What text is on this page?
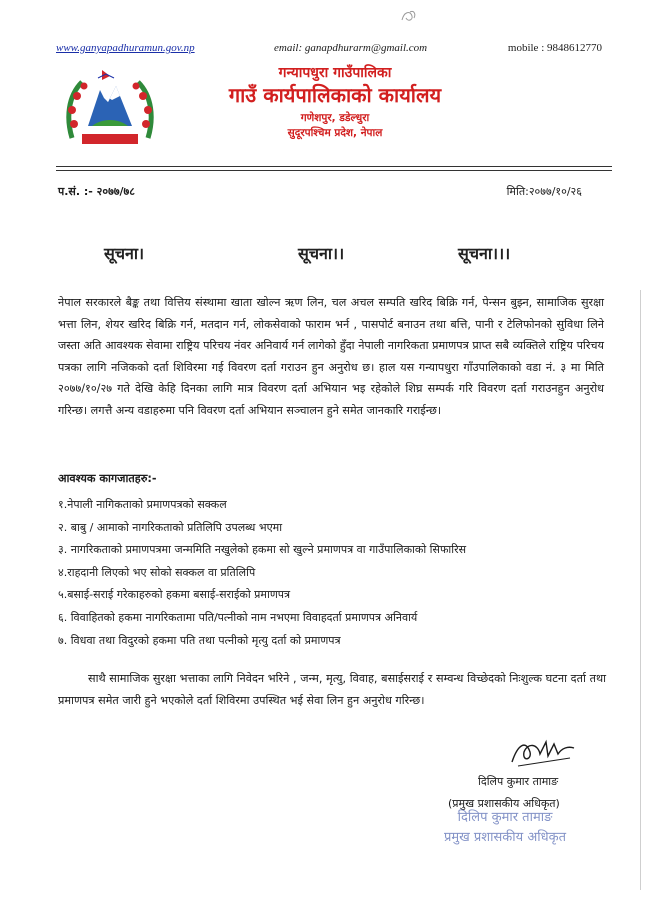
www.ganyapadhuramun.gov.np	email: ganapdhurarm@gmail.com	mobile : 9848612770
गन्यापधुरा गाउँपालिका
गाउँ कार्यपालिकाको कार्यालय
गणेशपुर, डडेल्धुरा
सुदूरपश्चिम प्रदेश, नेपाल
प.सं. :- २०७७/७८	मिति:२०७७/१०/२६
सूचना।	सूचना।।	सूचना।।।
नेपाल सरकारले बैङ्क तथा वित्तिय संस्थामा खाता खोल्न ऋण लिन, चल अचल सम्पति खरिद बिक्रि गर्न, पेन्सन बुझ्न, सामाजिक सुरक्षा भत्ता लिन, शेयर खरिद बिक्रि गर्न, मतदान गर्न, लोकसेवाको फाराम भर्न , पासपोर्ट बनाउन तथा बत्ति, पानी र टेलिफोनको सुविधा लिने जस्ता अति आवश्यक सेवामा राष्ट्रिय परिचय नंवर अनिवार्य गर्न लागेको हुँदा नेपाली नागरिकता प्रमाणपत्र प्राप्त सबै व्यक्तिले राष्ट्रिय परिचय पत्रका लागि नजिकको दर्ता शिविरमा गई विवरण दर्ता गराउन हुन अनुरोध छ। हाल यस गन्यापधुरा गाँउपालिकाको वडा नं. ३ मा मिति २०७७/१०/२७ गते देखि केहि दिनका लागि मात्र विवरण दर्ता अभियान भइ रहेकोले शिघ्र सम्पर्क गरि विवरण दर्ता गराउनहुन अनुरोध गरिन्छ। लगत्तै अन्य वडाहरुमा पनि विवरण दर्ता अभियान सञ्चालन हुने समेत जानकारि गराईन्छ।
आवश्यक कागजातहरु:-
१.नेपाली नागिकताको प्रमाणपत्रको सक्कल
२. बाबु / आमाको नागरिकताको प्रतिलिपि उपलब्ध भएमा
३. नागरिकताको प्रमाणपत्रमा जन्ममिति नखुलेको हकमा सो खुल्ने प्रमाणपत्र वा गाउँपालिकाको सिफारिस
४.राहदानी लिएको भए सोको सक्कल वा प्रतिलिपि
५.बसाई-सराई गरेकाहरुको हकमा बसाई-सराईको प्रमाणपत्र
६. विवाहितको हकमा नागरिकतामा पति/पत्नीको नाम नभएमा विवाहदर्ता प्रमाणपत्र अनिवार्य
७. विधवा तथा विदुरको हकमा पति तथा पत्नीको मृत्यु दर्ता को प्रमाणपत्र
साथै सामाजिक सुरक्षा भत्ताका लागि निवेदन भरिने , जन्म, मृत्यु, विवाह, बसाईसराई र सम्वन्ध विच्छेदको निःशुल्क घटना दर्ता तथा प्रमाणपत्र समेत जारी हुने भएकोले दर्ता शिविरमा उपस्थित भई सेवा लिन हुन अनुरोध गरिन्छ।
दिलिप कुमार तामाङ
(प्रमुख प्रशासकीय अधिकृत)
दिलिप कुमार तामाङ
प्रमुख प्रशासकीय अधिकृत
